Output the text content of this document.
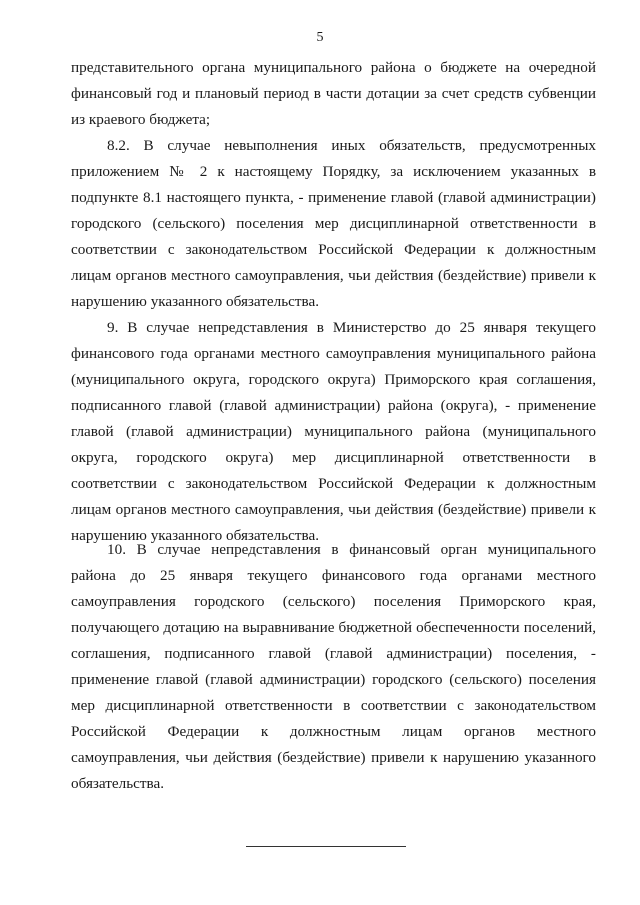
5

представительного органа муниципального района о бюджете на очередной финансовый год и плановый период в части дотации за счет средств субвенции из краевого бюджета;

8.2. В случае невыполнения иных обязательств, предусмотренных приложением № 2 к настоящему Порядку, за исключением указанных в подпункте 8.1 настоящего пункта, - применение главой (главой администрации) городского (сельского) поселения мер дисциплинарной ответственности в соответствии с законодательством Российской Федерации к должностным лицам органов местного самоуправления, чьи действия (бездействие) привели к нарушению указанного обязательства.

9. В случае непредставления в Министерство до 25 января текущего финансового года органами местного самоуправления муниципального района (муниципального округа, городского округа) Приморского края соглашения, подписанного главой (главой администрации) района (округа), - применение главой (главой администрации) муниципального района (муниципального округа, городского округа) мер дисциплинарной ответственности в соответствии с законодательством Российской Федерации к должностным лицам органов местного самоуправления, чьи действия (бездействие) привели к нарушению указанного обязательства.

10. В случае непредставления в финансовый орган муниципального района до 25 января текущего финансового года органами местного самоуправления городского (сельского) поселения Приморского края, получающего дотацию на выравнивание бюджетной обеспеченности поселений, соглашения, подписанного главой (главой администрации) поселения, - применение главой (главой администрации) городского (сельского) поселения мер дисциплинарной ответственности в соответствии с законодательством Российской Федерации к должностным лицам органов местного самоуправления, чьи действия (бездействие) привели к нарушению указанного обязательства.
